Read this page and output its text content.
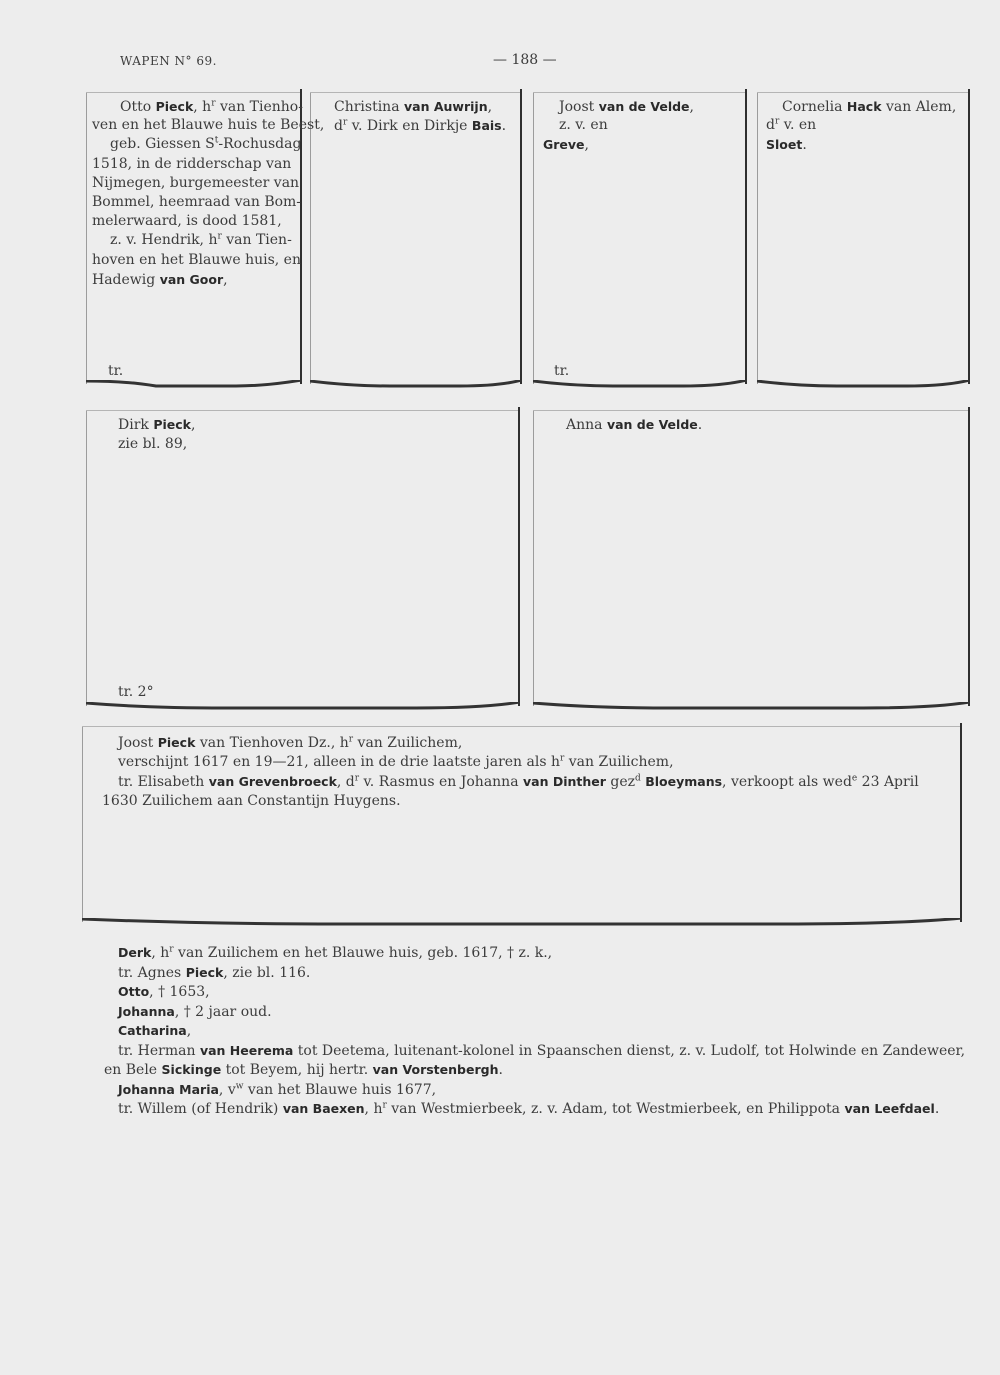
WAPEN N° 69.	— 188 —
Otto Pieck, $h^r$ van Tienho-
ven en het Blauwe huis te Beest,
geb. Giessen $S^t$-Rochusdag
1518, in de ridderschap van
Nijmegen, burgemeester van
Bommel, heemraad van Bom-
melerwaard, is dood 1581,
z. v. Hendrik, $h^r$ van Tien-
hoven en het Blauwe huis, en
Hadewig van Goor,
Christina van Auwrijn,
$d^r$ v. Dirk en Dirkje Bais.
Joost van de Velde,
z. v. en
Greve,
Cornelia Hack van Alem,
$d^r$ v. en
Sloet.
Dirk Pieck,
zie bl. 89,
Anna van de Velde.
Joost Pieck van Tienhoven Dz., $h^r$ van Zuilichem,
verschijnt 1617 en 19—21, alleen in de drie laatste jaren als $h^r$ van Zuilichem,
tr. Elisabeth van Grevenbroeck, $d^r$ v. Rasmus en Johanna van Dinther gez$^d$ Bloeymans, verkoopt als wed$^e$ 23 April
1630 Zuilichem aan Constantijn Huygens.
Derk, $h^r$ van Zuilichem en het Blauwe huis, geb. 1617, † z. k.,
tr. Agnes Pieck, zie bl. 116.
Otto, † 1653,
Johanna, † 2 jaar oud.
Catharina,
tr. Herman van Heerema tot Deetema, luitenant-kolonel in Spaanschen dienst, z. v. Ludolf, tot Holwinde en Zandeweer,
en Bele Sickinge tot Beyem, hij hertr. van Vorstenbergh.
Johanna Maria, $v^w$ van het Blauwe huis 1677,
tr. Willem (of Hendrik) van Baexen, $h^r$ van Westmierbeek, z. v. Adam, tot Westmierbeek, en Philippota van Leefdael.
tr.	tr.
tr. 2°
